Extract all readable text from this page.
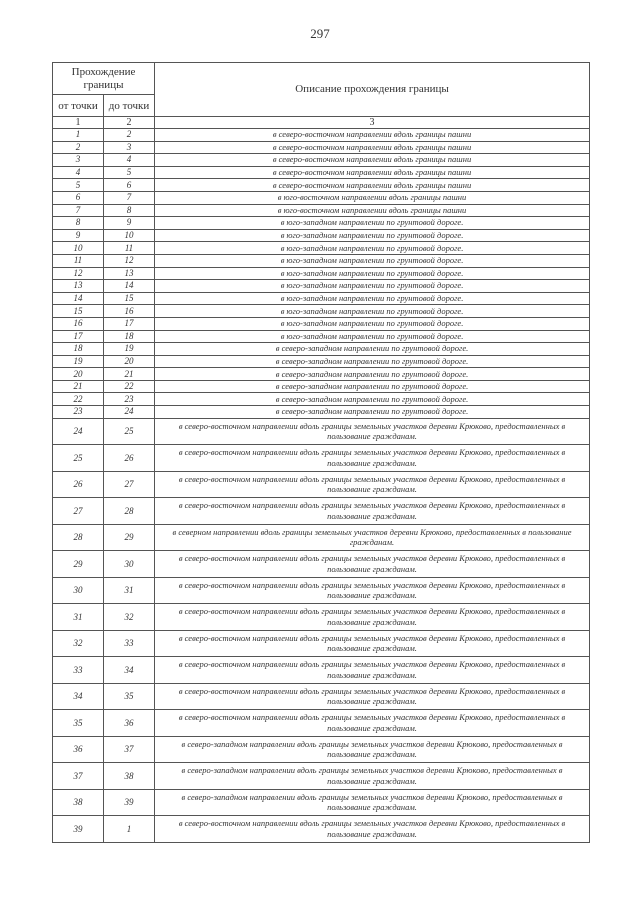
297
Прохождение границы		Описание прохождения границы
от точки	до точки	
1	2	3
1	2	в северо-восточном направлении вдоль границы пашни
2	3	в северо-восточном направлении вдоль границы пашни
3	4	в северо-восточном направлении вдоль границы пашни
4	5	в северо-восточном направлении вдоль границы пашни
5	6	в северо-восточном направлении вдоль границы пашни
6	7	в юго-восточном направлении вдоль границы пашни
7	8	в юго-восточном направлении вдоль границы пашни
8	9	в юго-западном направлении по грунтовой дороге.
9	10	в юго-западном направлении по грунтовой дороге.
10	11	в юго-западном направлении по грунтовой дороге.
11	12	в юго-западном направлении по грунтовой дороге.
12	13	в юго-западном направлении по грунтовой дороге.
13	14	в юго-западном направлении по грунтовой дороге.
14	15	в юго-западном направлении по грунтовой дороге.
15	16	в юго-западном направлении по грунтовой дороге.
16	17	в юго-западном направлении по грунтовой дороге.
17	18	в юго-западном направлении по грунтовой дороге.
18	19	в северо-западном направлении по грунтовой дороге.
19	20	в северо-западном направлении по грунтовой дороге.
20	21	в северо-западном направлении по грунтовой дороге.
21	22	в северо-западном направлении по грунтовой дороге.
22	23	в северо-западном направлении по грунтовой дороге.
23	24	в северо-западном направлении по грунтовой дороге.
24	25	в северо-восточном направлении вдоль границы земельных участков деревни Крюково, предоставленных в пользование гражданам.
25	26	в северо-восточном направлении вдоль границы земельных участков деревни Крюково, предоставленных в пользование гражданам.
26	27	в северо-восточном направлении вдоль границы земельных участков деревни Крюково, предоставленных в пользование гражданам.
27	28	в северо-восточном направлении вдоль границы земельных участков деревни Крюково, предоставленных в пользование гражданам.
28	29	в северном направлении вдоль границы земельных участков деревни Крюково, предоставленных в пользование гражданам.
29	30	в северо-восточном направлении вдоль границы земельных участков деревни Крюково, предоставленных в пользование гражданам.
30	31	в северо-восточном направлении вдоль границы земельных участков деревни Крюково, предоставленных в пользование гражданам.
31	32	в северо-восточном направлении вдоль границы земельных участков деревни Крюково, предоставленных в пользование гражданам.
32	33	в северо-восточном направлении вдоль границы земельных участков деревни Крюково, предоставленных в пользование гражданам.
33	34	в северо-восточном направлении вдоль границы земельных участков деревни Крюково, предоставленных в пользование гражданам.
34	35	в северо-восточном направлении вдоль границы земельных участков деревни Крюково, предоставленных в пользование гражданам.
35	36	в северо-восточном направлении вдоль границы земельных участков деревни Крюково, предоставленных в пользование гражданам.
36	37	в северо-западном направлении вдоль границы земельных участков деревни Крюково, предоставленных в пользование гражданам.
37	38	в северо-западном направлении вдоль границы земельных участков деревни Крюково, предоставленных в пользование гражданам.
38	39	в северо-западном направлении вдоль границы земельных участков деревни Крюково, предоставленных в пользование гражданам.
39	1	в северо-восточном направлении вдоль границы земельных участков деревни Крюково, предоставленных в пользование гражданам.
